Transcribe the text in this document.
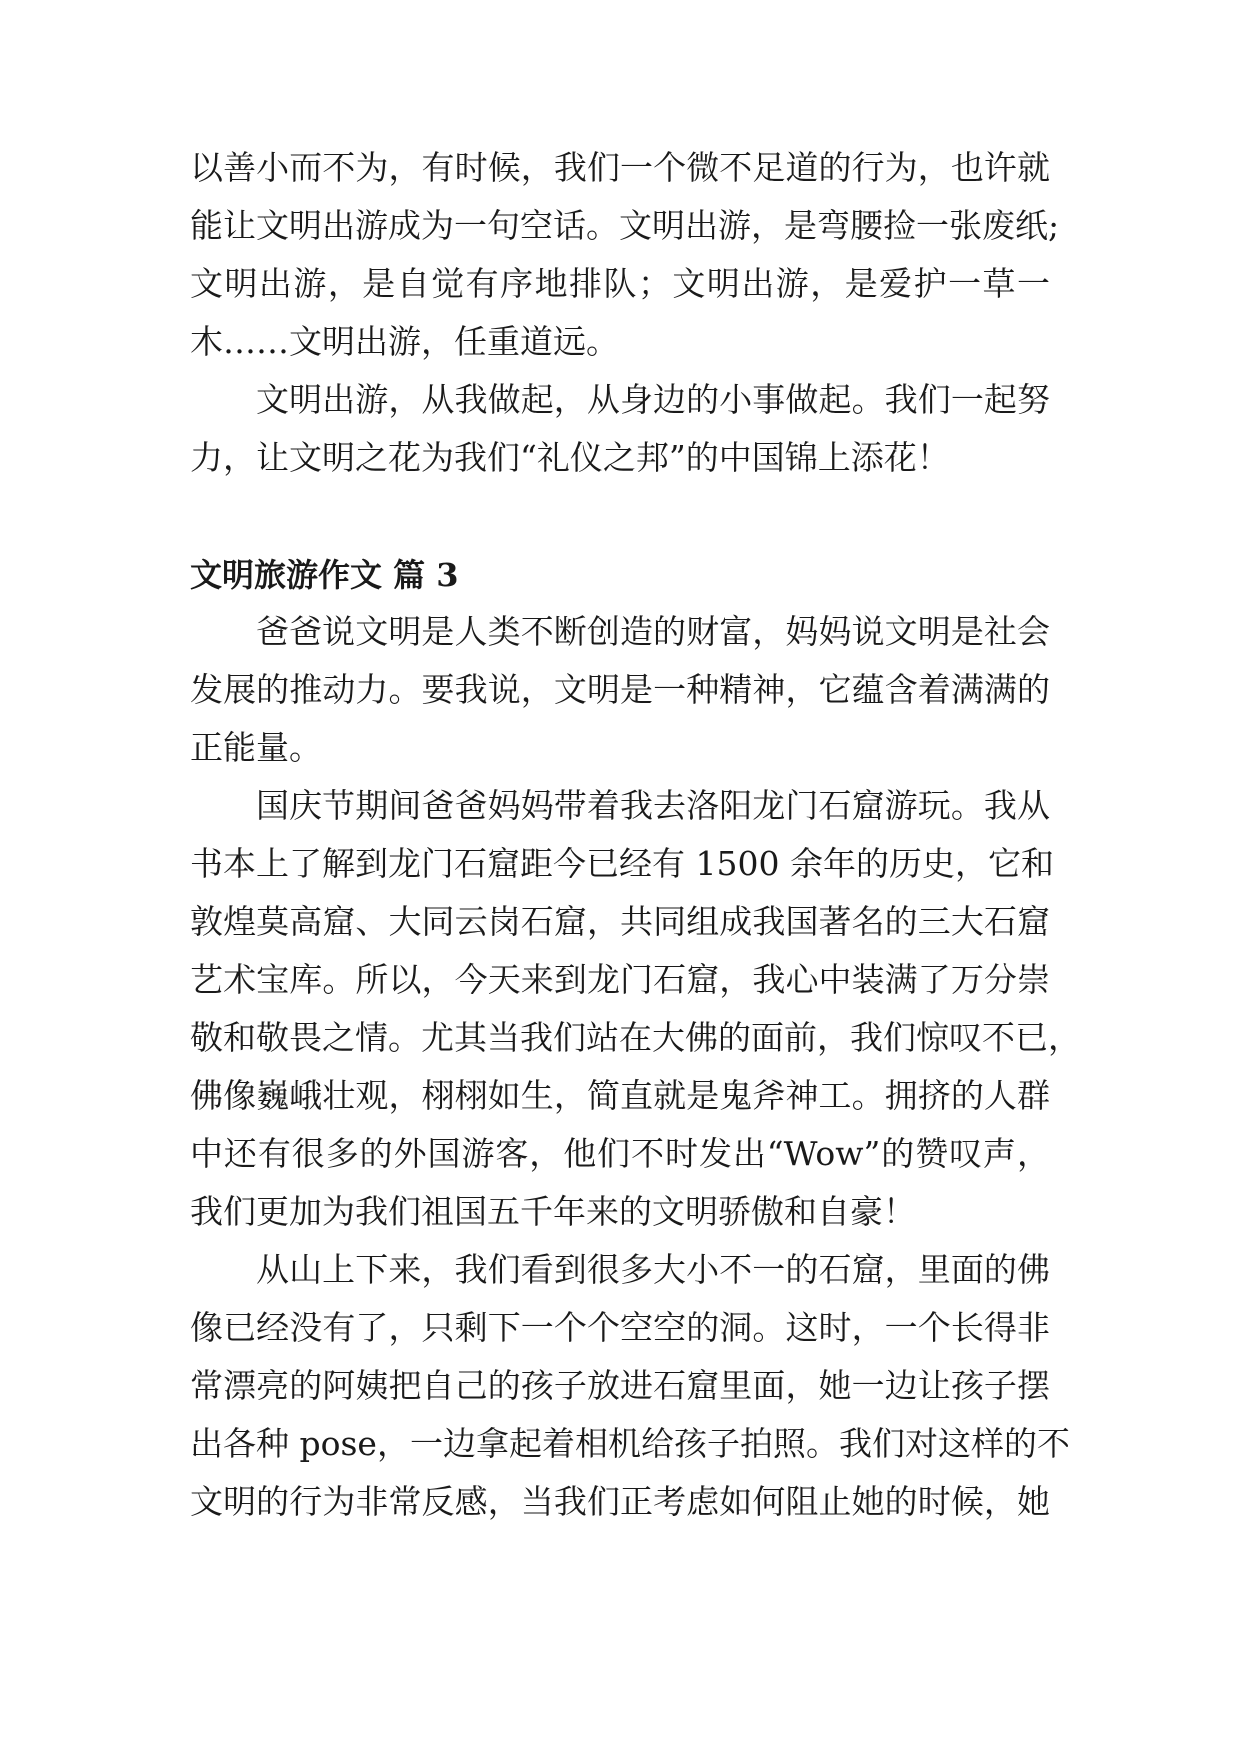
以善小而不为，有时候，我们一个微不足道的行为，也许就

能让文明出游成为一句空话。文明出游，是弯腰捡一张废纸;

文明出游，是自觉有序地排队；文明出游，是爱护一草一

木……文明出游，任重道远。

文明出游，从我做起，从身边的小事做起。我们一起努

力，让文明之花为我们“礼仪之邦”的中国锦上添花！

文明旅游作文 篇 3

爸爸说文明是人类不断创造的财富，妈妈说文明是社会

发展的推动力。要我说，文明是一种精神，它蕴含着满满的

正能量。

国庆节期间爸爸妈妈带着我去洛阳龙门石窟游玩。我从

书本上了解到龙门石窟距今已经有 1500 余年的历史，它和

敦煌莫高窟、大同云岗石窟，共同组成我国著名的三大石窟

艺术宝库。所以，今天来到龙门石窟，我心中装满了万分崇

敬和敬畏之情。尤其当我们站在大佛的面前，我们惊叹不已，

佛像巍峨壮观，栩栩如生，简直就是鬼斧神工。拥挤的人群

中还有很多的外国游客，他们不时发出“Wow”的赞叹声，

我们更加为我们祖国五千年来的文明骄傲和自豪！

从山上下来，我们看到很多大小不一的石窟，里面的佛

像已经没有了，只剩下一个个空空的洞。这时，一个长得非

常漂亮的阿姨把自己的孩子放进石窟里面，她一边让孩子摆

出各种 pose，一边拿起着相机给孩子拍照。我们对这样的不

文明的行为非常反感，当我们正考虑如何阻止她的时候，她
